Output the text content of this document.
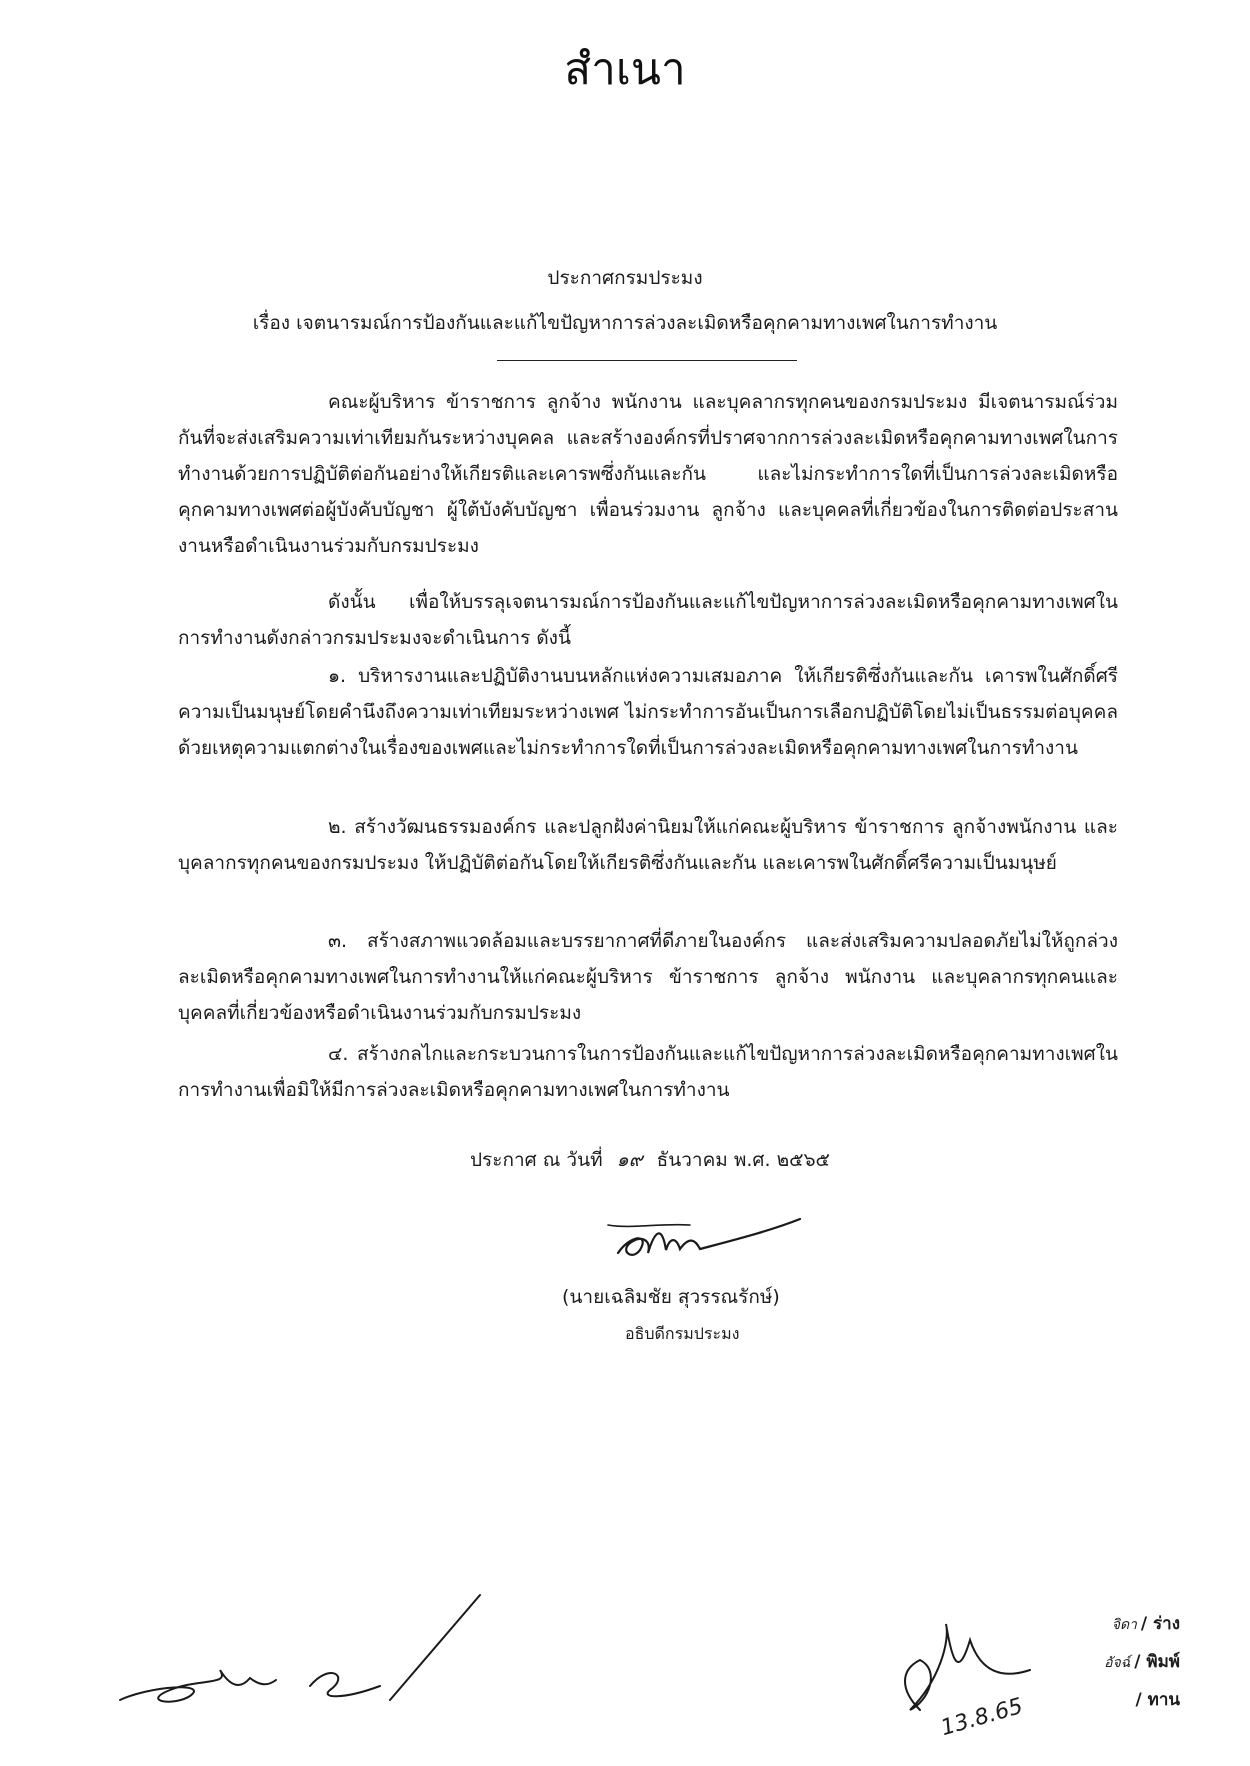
สำเนา
ประกาศกรมประมง
เรื่อง เจตนารมณ์การป้องกันและแก้ไขปัญหาการล่วงละเมิดหรือคุกคามทางเพศในการทำงาน

คณะผู้บริหาร ข้าราชการ ลูกจ้าง พนักงาน และบุคลากรทุกคนของกรมประมง มีเจตนารมณ์ร่วมกันที่จะส่งเสริมความเท่าเทียมกันระหว่างบุคคล และสร้างองค์กรที่ปราศจากการล่วงละเมิดหรือคุกคามทางเพศในการทำงานด้วยการปฏิบัติต่อกันอย่างให้เกียรติและเคารพซึ่งกันและกัน และไม่กระทำการใดที่เป็นการล่วงละเมิดหรือคุกคามทางเพศต่อผู้บังคับบัญชา ผู้ใต้บังคับบัญชา เพื่อนร่วมงาน ลูกจ้าง และบุคคลที่เกี่ยวข้องในการติดต่อประสานงานหรือดำเนินงานร่วมกับกรมประมง

ดังนั้น เพื่อให้บรรลุเจตนารมณ์การป้องกันและแก้ไขปัญหาการล่วงละเมิดหรือคุกคามทางเพศในการทำงานดังกล่าวกรมประมงจะดำเนินการ ดังนี้

๑. บริหารงานและปฏิบัติงานบนหลักแห่งความเสมอภาค ให้เกียรติซึ่งกันและกัน เคารพในศักดิ์ศรีความเป็นมนุษย์โดยคำนึงถึงความเท่าเทียมระหว่างเพศ ไม่กระทำการอันเป็นการเลือกปฏิบัติโดยไม่เป็นธรรมต่อบุคคลด้วยเหตุความแตกต่างในเรื่องของเพศและไม่กระทำการใดที่เป็นการล่วงละเมิดหรือคุกคามทางเพศในการทำงาน

๒. สร้างวัฒนธรรมองค์กร และปลูกฝังค่านิยมให้แก่คณะผู้บริหาร ข้าราชการ ลูกจ้างพนักงาน และบุคลากรทุกคนของกรมประมง ให้ปฏิบัติต่อกันโดยให้เกียรติซึ่งกันและกัน และเคารพในศักดิ์ศรีความเป็นมนุษย์

๓. สร้างสภาพแวดล้อมและบรรยากาศที่ดีภายในองค์กร และส่งเสริมความปลอดภัยไม่ให้ถูกล่วงละเมิดหรือคุกคามทางเพศในการทำงานให้แก่คณะผู้บริหาร ข้าราชการ ลูกจ้าง พนักงาน และบุคลากรทุกคนและบุคคลที่เกี่ยวข้องหรือดำเนินงานร่วมกับกรมประมง

๔. สร้างกลไกและกระบวนการในการป้องกันและแก้ไขปัญหาการล่วงละเมิดหรือคุกคามทางเพศในการทำงานเพื่อมิให้มีการล่วงละเมิดหรือคุกคามทางเพศในการทำงาน

ประกาศ ณ วันที่ ๑๙ ธันวาคม พ.ศ. ๒๕๖๕
(นายเฉลิมชัย สุวรรณรักษ์)
อธิบดีกรมประมง
13.8.65
จิดา / ร่าง
อัจฉ์ / พิมพ์
/ ทาน
